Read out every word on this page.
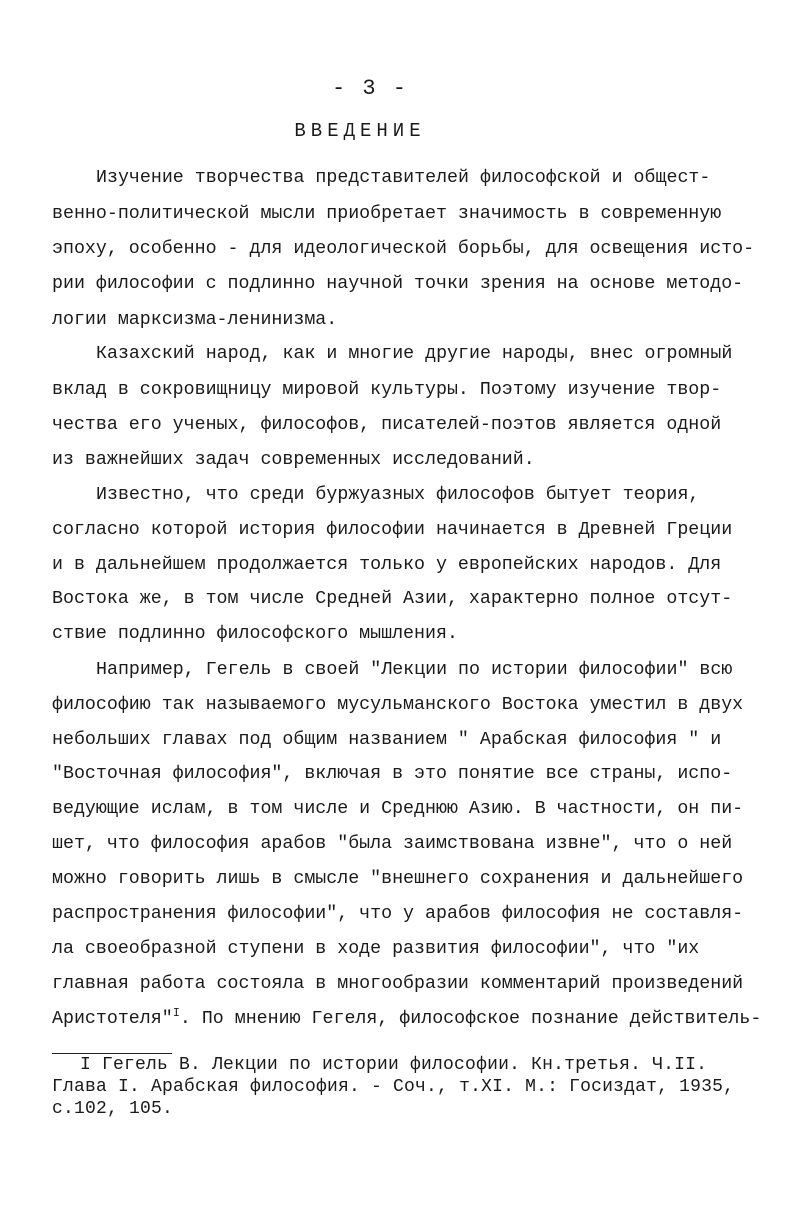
- 3 -
ВВЕДЕНИЕ
Изучение творчества представителей философской и общест-
венно-политической мысли приобретает значимость в современную
эпоху, особенно - для идеологической борьбы, для освещения исто-
рии философии с подлинно научной точки зрения на основе методо-
логии марксизма-ленинизма.
Казахский народ, как и многие другие народы, внес огромный
вклад в сокровищницу мировой культуры. Поэтому изучение твор-
чества его ученых, философов, писателей-поэтов является одной
из важнейших задач современных исследований.
Известно, что среди буржуазных философов бытует теория,
согласно которой история философии начинается в Древней Греции
и в дальнейшем продолжается только у европейских народов. Для
Востока же, в том числе Средней Азии, характерно полное отсут-
ствие подлинно философского мышления.
Например, Гегель в своей "Лекции по истории философии" всю
философию так называемого мусульманского Востока уместил в двух
небольших главах под общим названием " Арабская философия " и
"Восточная философия", включая в это понятие все страны, испо-
ведующие ислам, в том числе и Среднюю Азию. В частности, он пи-
шет, что философия арабов "была заимствована извне", что о ней
можно говорить лишь в смысле "внешнего сохранения и дальнейшего
распространения философии", что у арабов философия не составля-
ла своеобразной ступени в ходе развития философии", что "их
главная работа состояла в многообразии комментарий произведений
Аристотеля"$^I$. По мнению Гегеля, философское познание действитель-
I Гегель В. Лекции по истории философии. Кн.третья. Ч.II.
Глава I. Арабская философия. - Соч., т.XI. М.: Госиздат, 1935,
с.102, 105.
